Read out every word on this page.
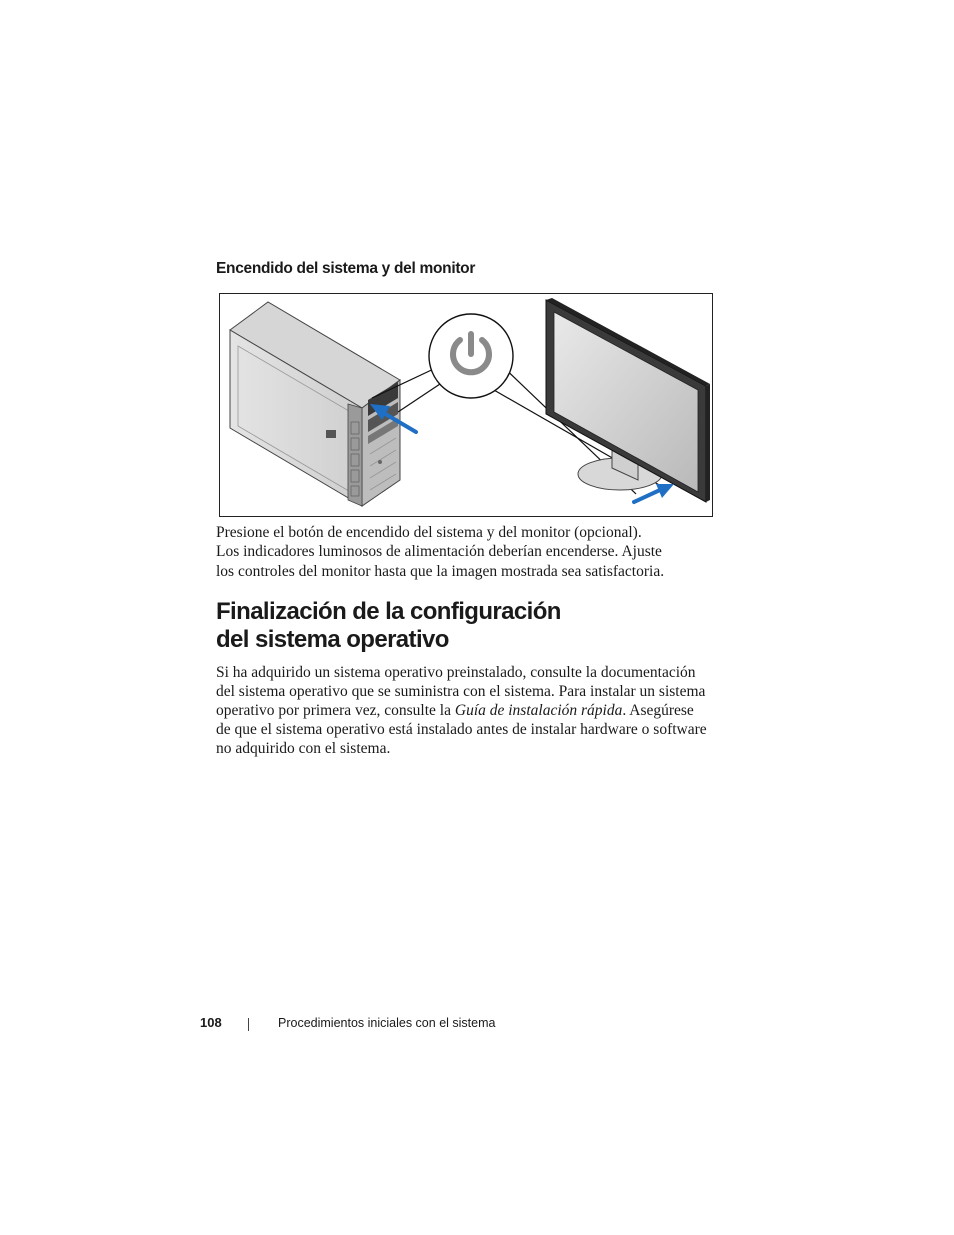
Encendido del sistema y del monitor

Presione el botón de encendido del sistema y del monitor (opcional).
Los indicadores luminosos de alimentación deberían encenderse. Ajuste
los controles del monitor hasta que la imagen mostrada sea satisfactoria.

Finalización de la configuración
del sistema operativo

Si ha adquirido un sistema operativo preinstalado, consulte la documentación
del sistema operativo que se suministra con el sistema. Para instalar un sistema
operativo por primera vez, consulte la Guía de instalación rápida. Asegúrese
de que el sistema operativo está instalado antes de instalar hardware o software
no adquirido con el sistema.

108	Procedimientos iniciales con el sistema
